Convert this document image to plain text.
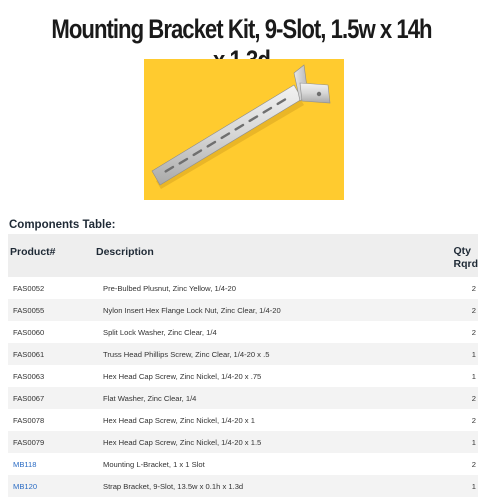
Mounting Bracket Kit, 9-Slot, 1.5w x 14h
Components Table:
Product#	Description	Qty
Rqrd
FAS0052	Pre-Bulbed Plusnut, Zinc Yellow, 1/4-20	2
FAS0055	Nylon Insert Hex Flange Lock Nut, Zinc Clear, 1/4-20	2
FAS0060	Split Lock Washer, Zinc Clear, 1/4	2
FAS0061	Truss Head Phillips Screw, Zinc Clear, 1/4-20 x .5	1
FAS0063	Hex Head Cap Screw, Zinc Nickel, 1/4-20 x .75	1
FAS0067	Flat Washer, Zinc Clear, 1/4	2
FAS0078	Hex Head Cap Screw, Zinc Nickel, 1/4-20 x 1	2
FAS0079	Hex Head Cap Screw, Zinc Nickel, 1/4-20 x 1.5	1
MB118	Mounting L-Bracket, 1 x 1 Slot	2
MB120	Strap Bracket, 9-Slot, 13.5w x 0.1h x 1.3d	1
